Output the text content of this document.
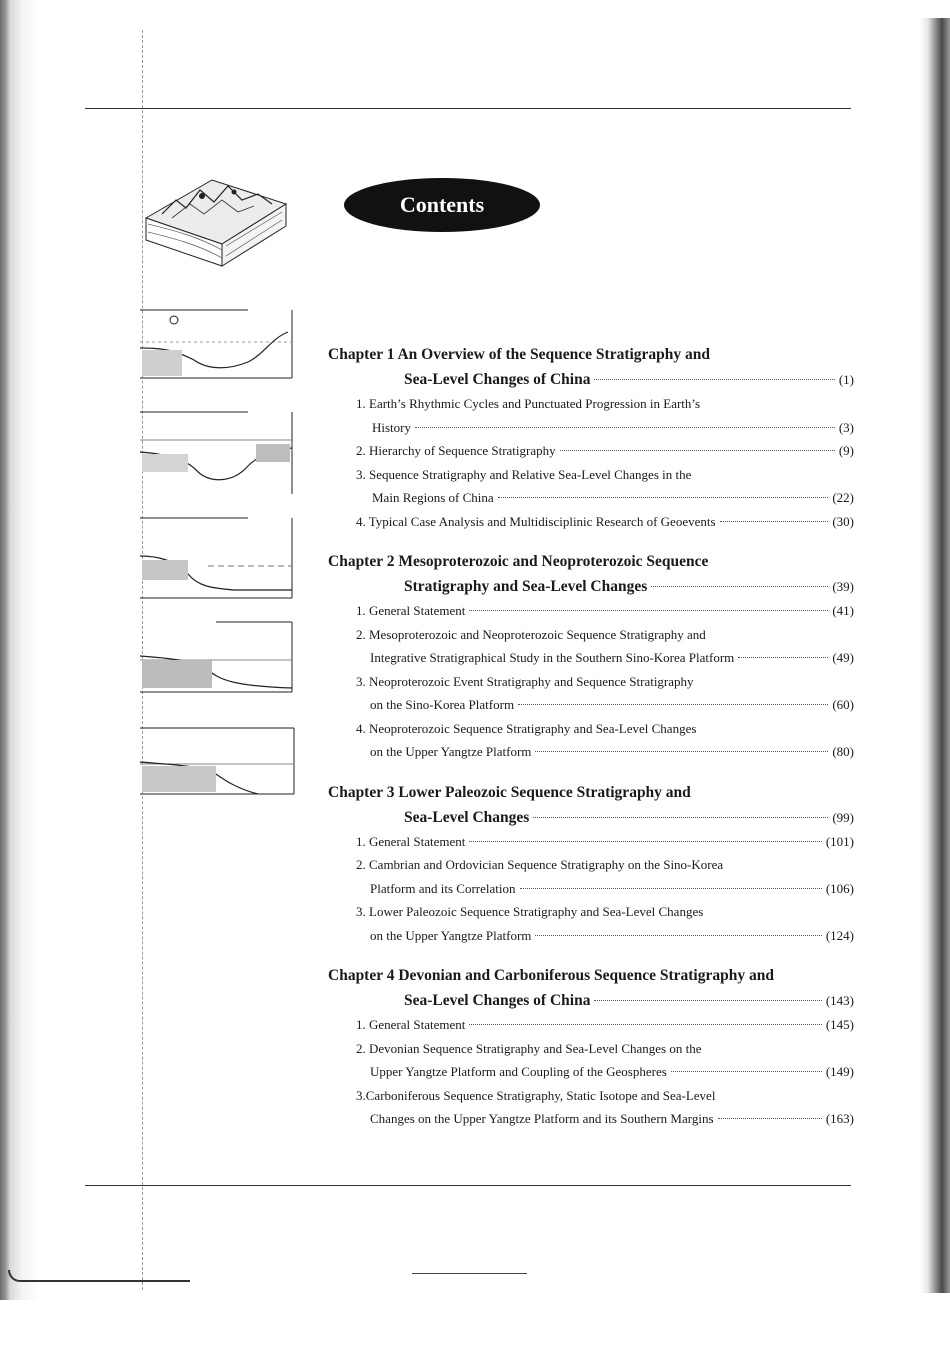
Contents
Chapter 1 An Overview of the Sequence Stratigraphy and
Sea-Level Changes of China	(1)
1. Earth’s Rhythmic Cycles and Punctuated Progression in Earth’s
History	(3)
2. Hierarchy of Sequence Stratigraphy	(9)
3. Sequence Stratigraphy and Relative Sea-Level Changes in the
Main Regions of China	(22)
4. Typical Case Analysis and Multidisciplinic Research of Geoevents	(30)
Chapter 2 Mesoproterozoic and Neoproterozoic Sequence
Stratigraphy and Sea-Level Changes	(39)
1. General Statement	(41)
2. Mesoproterozoic and Neoproterozoic Sequence Stratigraphy and
Integrative Stratigraphical Study in the Southern Sino-Korea Platform	(49)
3. Neoproterozoic Event Stratigraphy and Sequence Stratigraphy
on the Sino-Korea Platform	(60)
4. Neoproterozoic Sequence Stratigraphy and Sea-Level Changes
on the Upper Yangtze Platform	(80)
Chapter 3 Lower Paleozoic Sequence Stratigraphy and
Sea-Level Changes	(99)
1. General Statement	(101)
2. Cambrian and Ordovician Sequence Stratigraphy on the Sino-Korea
Platform and its Correlation	(106)
3. Lower Paleozoic Sequence Stratigraphy and Sea-Level Changes
on the Upper Yangtze Platform	(124)
Chapter 4 Devonian and Carboniferous Sequence Stratigraphy and
Sea-Level Changes of China	(143)
1. General Statement	(145)
2. Devonian Sequence Stratigraphy and Sea-Level Changes on the
Upper Yangtze Platform and Coupling of the Geospheres	(149)
3.Carboniferous Sequence Stratigraphy, Static Isotope and Sea-Level
Changes on the Upper Yangtze Platform and its Southern Margins	(163)
